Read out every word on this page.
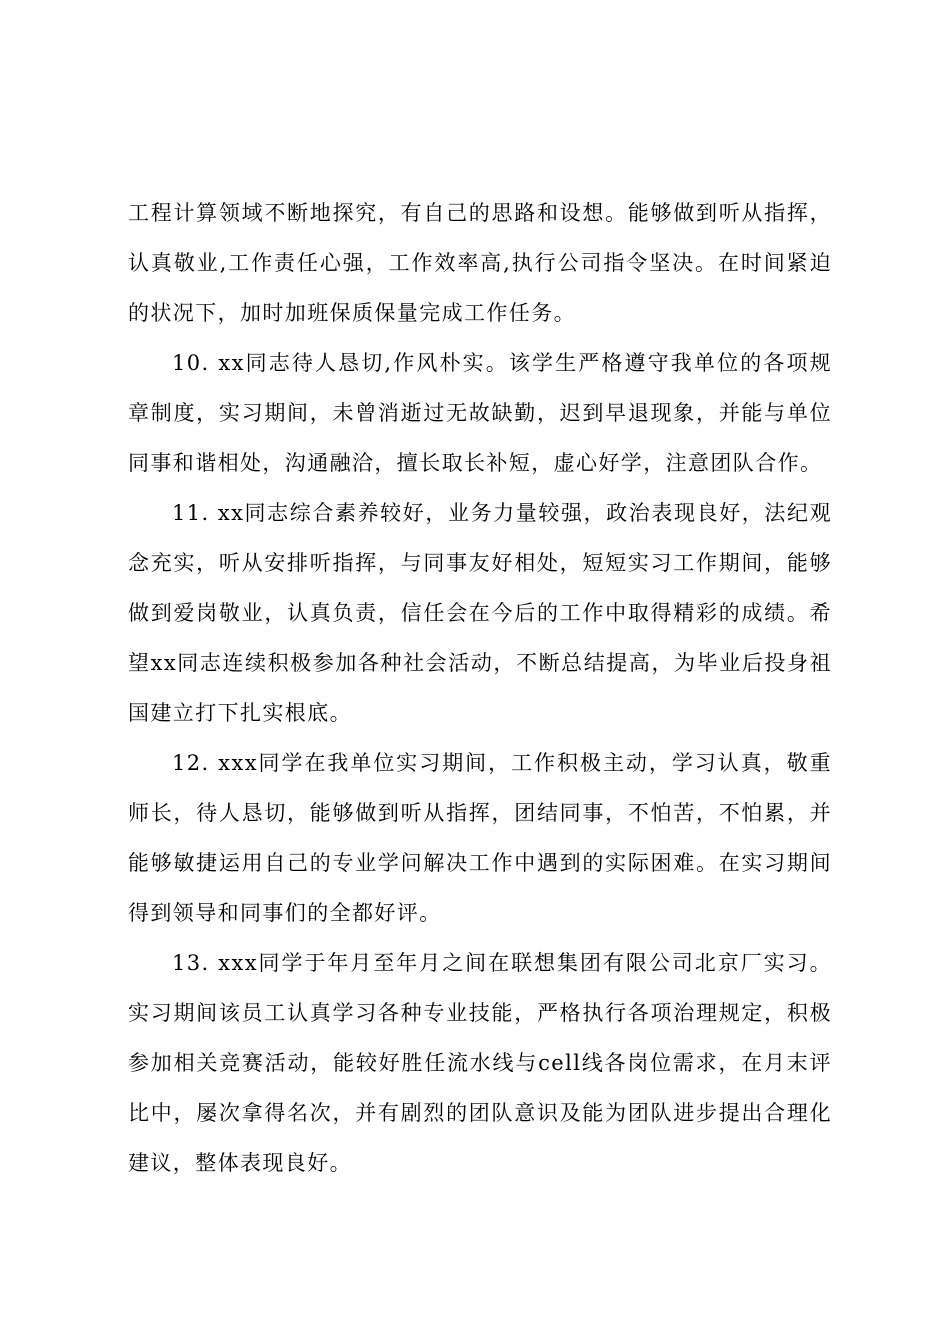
工程计算领域不断地探究，有自己的思路和设想。能够做到听从指挥，认真敬业,工作责任心强，工作效率高,执行公司指令坚决。在时间紧迫的状况下，加时加班保质保量完成工作任务。

10. xx同志待人恳切,作风朴实。该学生严格遵守我单位的各项规章制度，实习期间，未曾消逝过无故缺勤，迟到早退现象，并能与单位同事和谐相处，沟通融洽，擅长取长补短，虚心好学，注意团队合作。

11. xx同志综合素养较好，业务力量较强，政治表现良好，法纪观念充实，听从安排听指挥，与同事友好相处，短短实习工作期间，能够做到爱岗敬业，认真负责，信任会在今后的工作中取得精彩的成绩。希望xx同志连续积极参加各种社会活动，不断总结提高，为毕业后投身祖国建立打下扎实根底。

12. xxx同学在我单位实习期间，工作积极主动，学习认真，敬重师长，待人恳切，能够做到听从指挥，团结同事，不怕苦，不怕累，并能够敏捷运用自己的专业学问解决工作中遇到的实际困难。在实习期间得到领导和同事们的全都好评。

13. xxx同学于年月至年月之间在联想集团有限公司北京厂实习。实习期间该员工认真学习各种专业技能，严格执行各项治理规定，积极参加相关竞赛活动，能较好胜任流水线与cell线各岗位需求，在月末评比中，屡次拿得名次，并有剧烈的团队意识及能为团队进步提出合理化建议，整体表现良好。
